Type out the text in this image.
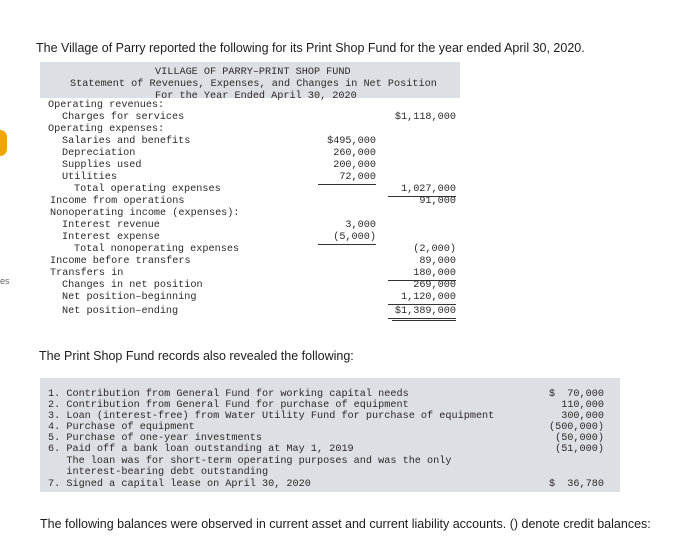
es
The Village of Parry reported the following for its Print Shop Fund for the year ended April 30, 2020.
VILLAGE OF PARRY–PRINT SHOP FUND
Statement of Revenues, Expenses, and Changes in Net Position
For the Year Ended April 30, 2020
Operating revenues:
Charges for services	$1,118,000
Operating expenses:
Salaries and benefits	$495,000
Depreciation	260,000
Supplies used	200,000
Utilities	72,000
Total operating expenses	1,027,000
Income from operations	91,000
Nonoperating income (expenses):
Interest revenue	3,000
Interest expense	(5,000)
Total nonoperating expenses	(2,000)
Income before transfers	89,000
Transfers in	180,000
Changes in net position	269,000
Net position–beginning	1,120,000
Net position–ending	$1,389,000
The Print Shop Fund records also revealed the following:
1. Contribution from General Fund for working capital needs	$  70,000
2. Contribution from General Fund for purchase of equipment	110,000
3. Loan (interest-free) from Water Utility Fund for purchase of equipment	300,000
4. Purchase of equipment	(500,000)
5. Purchase of one-year investments	(50,000)
6. Paid off a bank loan outstanding at May 1, 2019	(51,000)
The loan was for short-term operating purposes and was the only
interest-bearing debt outstanding
7. Signed a capital lease on April 30, 2020	$  36,780
The following balances were observed in current asset and current liability accounts. () denote credit balances:
